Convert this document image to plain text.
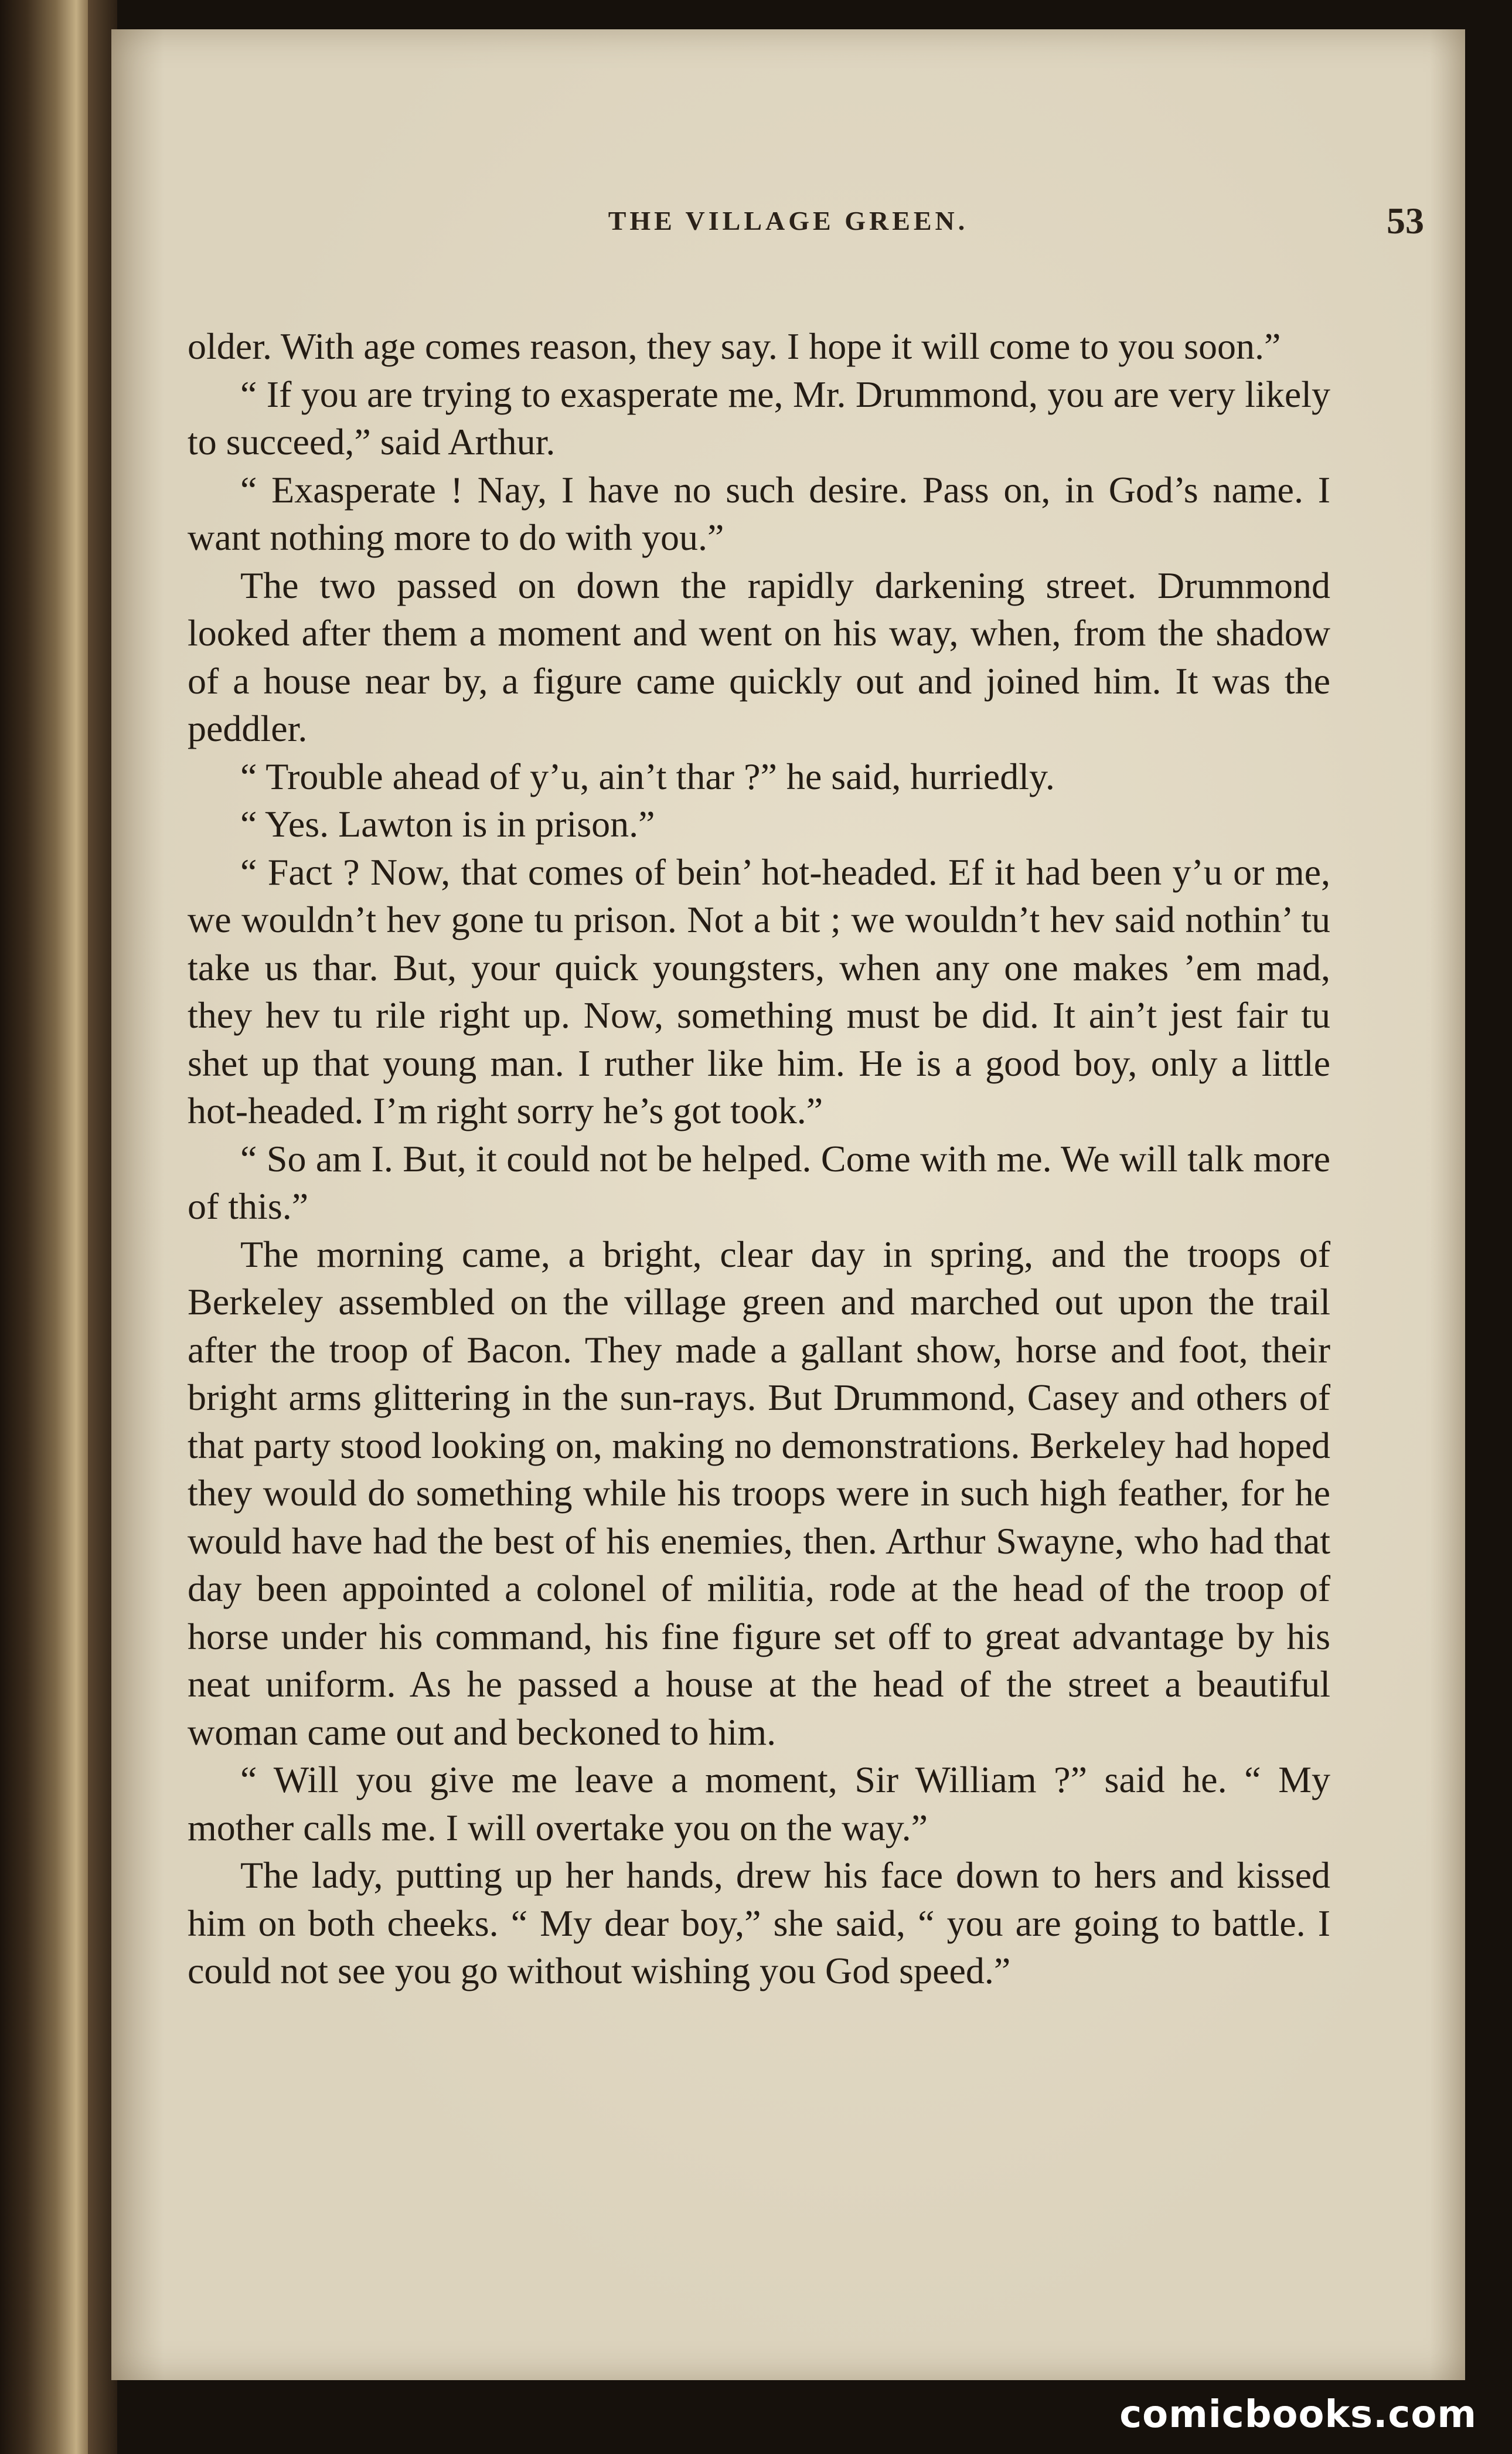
THE VILLAGE GREEN.	53

older. With age comes reason, they say. I hope it will come to you soon.”

“ If you are trying to exasperate me, Mr. Drummond, you are very likely to succeed,” said Arthur.

“ Exasperate ! Nay, I have no such desire. Pass on, in God’s name. I want nothing more to do with you.”

The two passed on down the rapidly darkening street. Drummond looked after them a moment and went on his way, when, from the shadow of a house near by, a figure came quickly out and joined him. It was the peddler.

“ Trouble ahead of y’u, ain’t thar ?” he said, hurriedly.

“ Yes. Lawton is in prison.”

“ Fact ? Now, that comes of bein’ hot-headed. Ef it had been y’u or me, we wouldn’t hev gone tu prison. Not a bit ; we wouldn’t hev said nothin’ tu take us thar. But, your quick youngsters, when any one makes ’em mad, they hev tu rile right up. Now, something must be did. It ain’t jest fair tu shet up that young man. I ruther like him. He is a good boy, only a little hot-headed. I’m right sorry he’s got took.”

“ So am I. But, it could not be helped. Come with me. We will talk more of this.”

The morning came, a bright, clear day in spring, and the troops of Berkeley assembled on the village green and marched out upon the trail after the troop of Bacon. They made a gallant show, horse and foot, their bright arms glittering in the sun-rays. But Drummond, Casey and others of that party stood looking on, making no demonstrations. Berkeley had hoped they would do something while his troops were in such high feather, for he would have had the best of his enemies, then. Arthur Swayne, who had that day been appointed a colonel of militia, rode at the head of the troop of horse under his command, his fine figure set off to great advantage by his neat uniform. As he passed a house at the head of the street a beautiful woman came out and beckoned to him.

“ Will you give me leave a moment, Sir William ?” said he. “ My mother calls me. I will overtake you on the way.”

The lady, putting up her hands, drew his face down to hers and kissed him on both cheeks. “ My dear boy,” she said, “ you are going to battle. I could not see you go without wishing you God speed.”

comicbooks.com
